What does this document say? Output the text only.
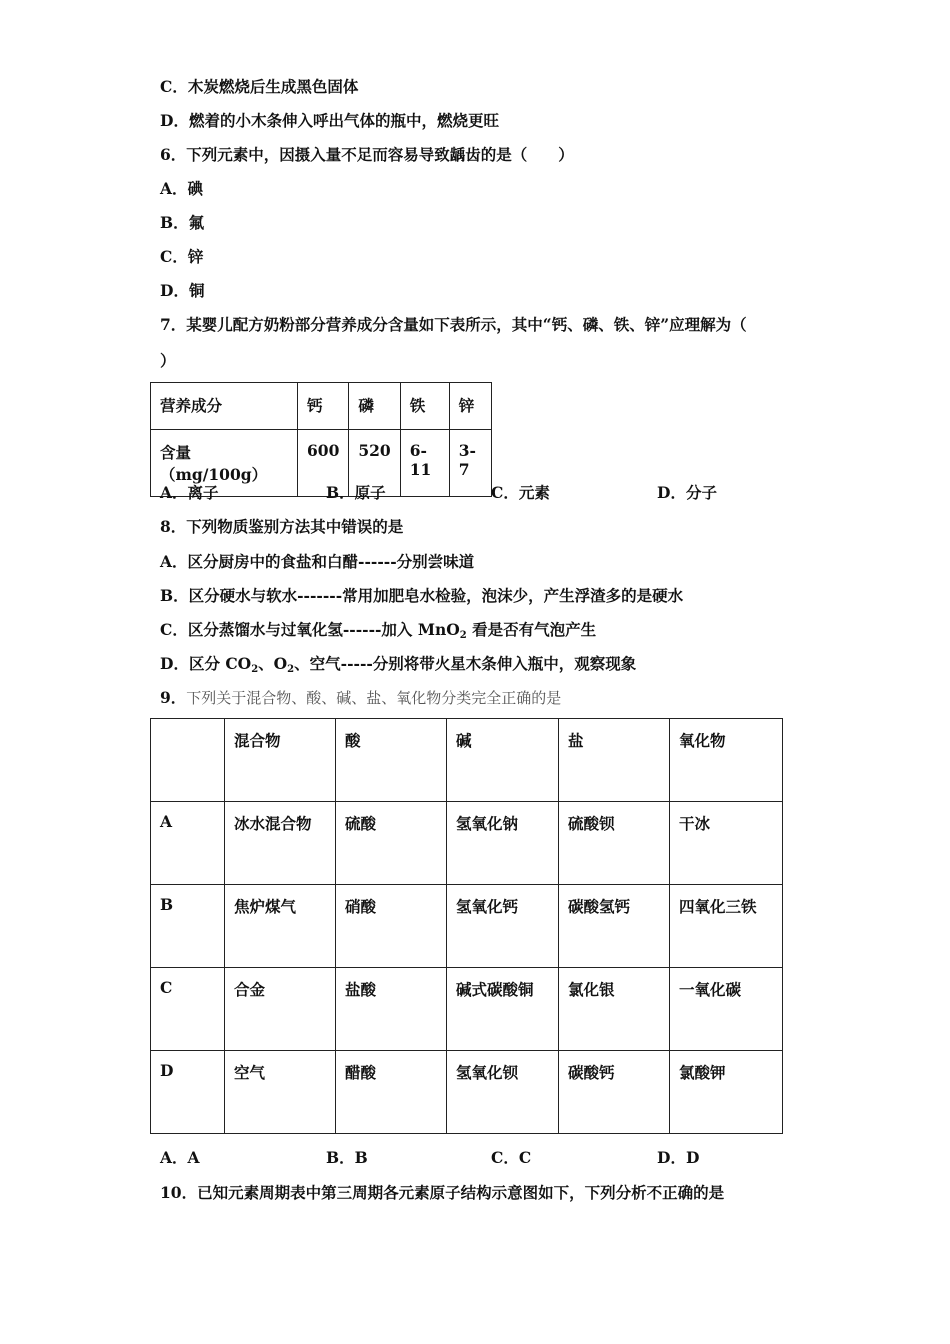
C．木炭燃烧后生成黑色固体
D．燃着的小木条伸入呼出气体的瓶中，燃烧更旺
6．下列元素中，因摄入量不足而容易导致龋齿的是（　　）
A．碘
B．氟
C．锌
D．铜
7．某婴儿配方奶粉部分营养成分含量如下表所示，其中“钙、磷、铁、锌”应理解为（
）
营养成分	钙	磷	铁	锌
含量（mg/100g）	600	520	6-11	3-7
A．离子	B．原子	C．元素	D．分子
8．下列物质鉴别方法其中错误的是
A．区分厨房中的食盐和白醋------分别尝味道
B．区分硬水与软水-------常用加肥皂水检验，泡沫少，产生浮渣多的是硬水
C．区分蒸馏水与过氧化氢------加入 MnO$_2$ 看是否有气泡产生
D．区分 $CO_2$、$O_2$、空气-----分别将带火星木条伸入瓶中，观察现象
9．下列关于混合物、酸、碱、盐、氧化物分类完全正确的是
	混合物	酸	碱	盐	氧化物
A	冰水混合物	硫酸	氢氧化钠	硫酸钡	干冰
B	焦炉煤气	硝酸	氢氧化钙	碳酸氢钙	四氧化三铁
C	合金	盐酸	碱式碳酸铜	氯化银	一氧化碳
D	空气	醋酸	氢氧化钡	碳酸钙	氯酸钾
A．A	B．B	C．C	D．D
10．已知元素周期表中第三周期各元素原子结构示意图如下，下列分析不正确的是
